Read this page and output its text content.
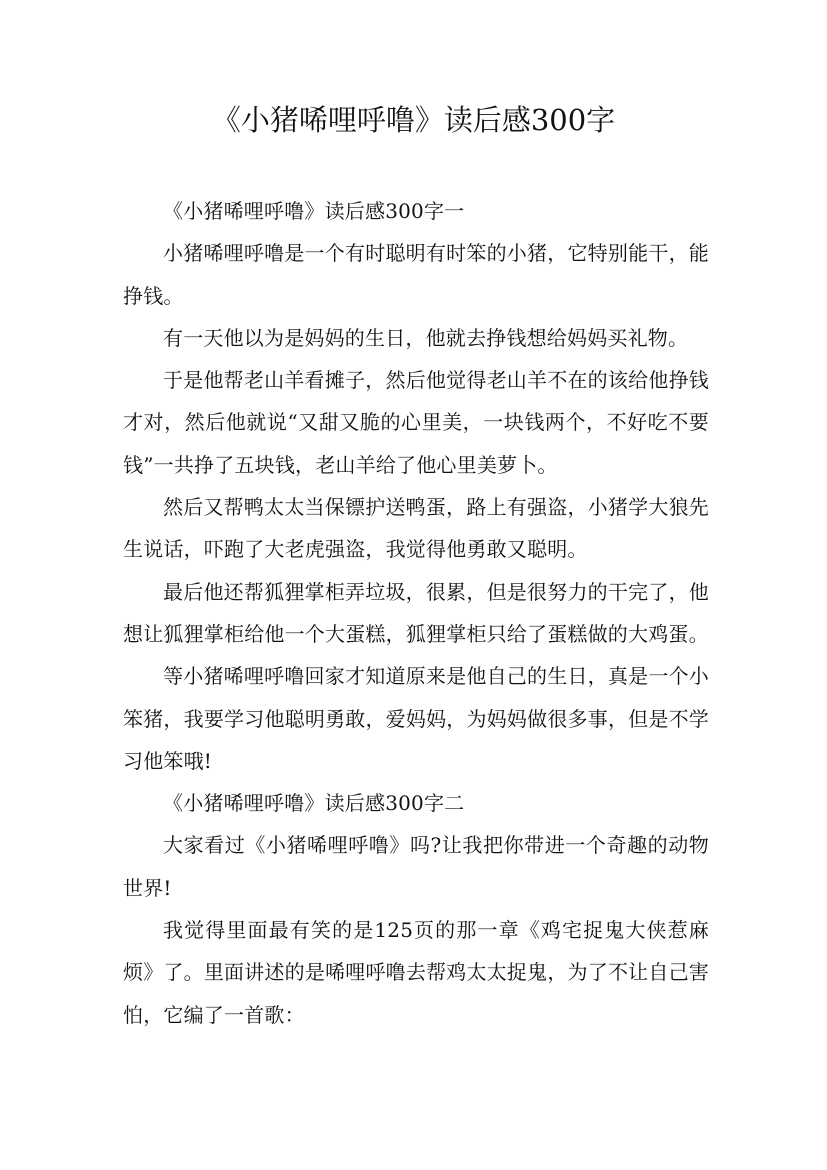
《小猪唏哩呼噜》读后感300字

《小猪唏哩呼噜》读后感300字一

小猪唏哩呼噜是一个有时聪明有时笨的小猪，它特别能干，能挣钱。

有一天他以为是妈妈的生日，他就去挣钱想给妈妈买礼物。

于是他帮老山羊看摊子，然后他觉得老山羊不在的该给他挣钱才对，然后他就说“又甜又脆的心里美，一块钱两个，不好吃不要钱”一共挣了五块钱，老山羊给了他心里美萝卜。

然后又帮鸭太太当保镖护送鸭蛋，路上有强盗，小猪学大狼先生说话，吓跑了大老虎强盗，我觉得他勇敢又聪明。

最后他还帮狐狸掌柜弄垃圾，很累，但是很努力的干完了，他想让狐狸掌柜给他一个大蛋糕，狐狸掌柜只给了蛋糕做的大鸡蛋。

等小猪唏哩呼噜回家才知道原来是他自己的生日，真是一个小笨猪，我要学习他聪明勇敢，爱妈妈，为妈妈做很多事，但是不学习他笨哦!

《小猪唏哩呼噜》读后感300字二

大家看过《小猪唏哩呼噜》吗?让我把你带进一个奇趣的动物世界!

我觉得里面最有笑的是125页的那一章《鸡宅捉鬼大侠惹麻烦》了。里面讲述的是唏哩呼噜去帮鸡太太捉鬼，为了不让自己害怕，它编了一首歌：
